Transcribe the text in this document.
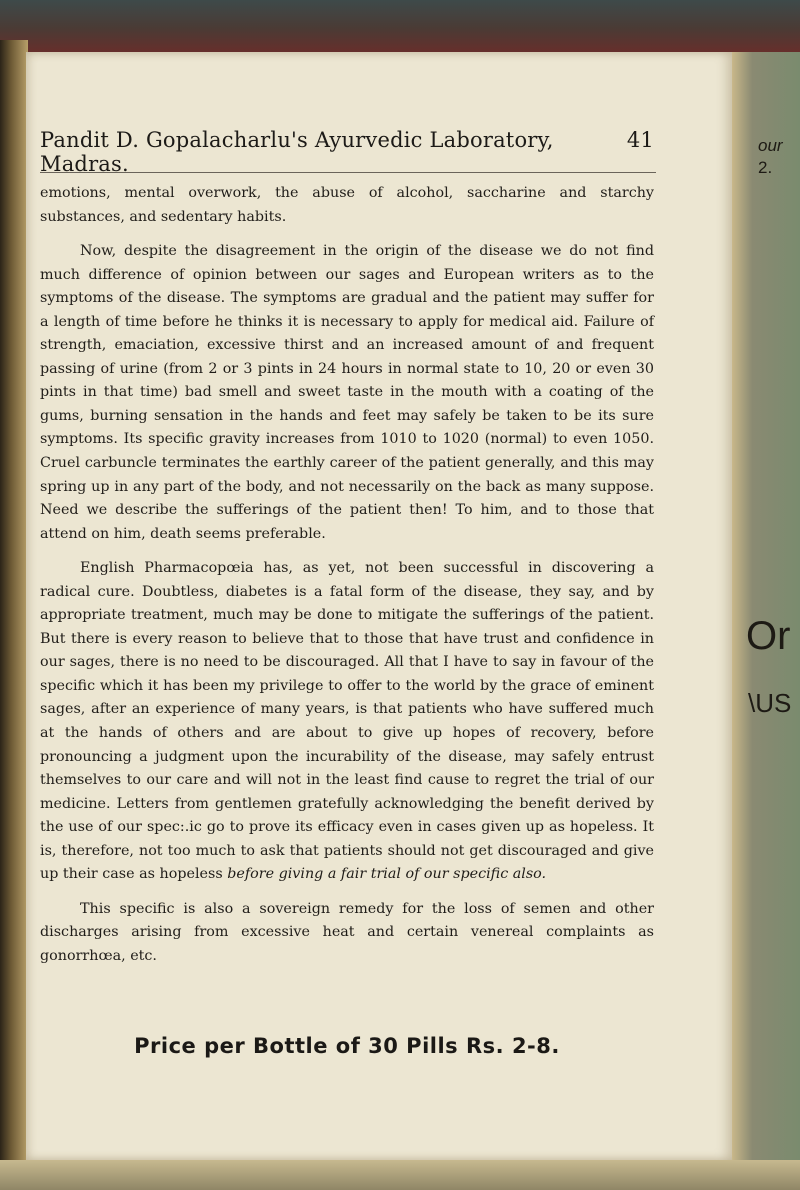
our
2.
Or
\US
Pandit D. Gopalacharlu's Ayurvedic Laboratory, Madras.
41

emotions, mental overwork, the abuse of alcohol, saccharine and starchy substances, and sedentary habits.

Now, despite the disagreement in the origin of the disease we do not find much difference of opinion between our sages and European writers as to the symptoms of the disease. The symptoms are gradual and the patient may suffer for a length of time before he thinks it is necessary to apply for medical aid. Failure of strength, emaciation, excessive thirst and an increased amount of and frequent passing of urine (from 2 or 3 pints in 24 hours in normal state to 10, 20 or even 30 pints in that time) bad smell and sweet taste in the mouth with a coating of the gums, burning sensation in the hands and feet may safely be taken to be its sure symptoms. Its specific gravity increases from 1010 to 1020 (normal) to even 1050. Cruel carbuncle terminates the earthly career of the patient generally, and this may spring up in any part of the body, and not necessarily on the back as many suppose. Need we describe the sufferings of the patient then! To him, and to those that attend on him, death seems preferable.

English Pharmacopœia has, as yet, not been successful in discovering a radical cure. Doubtless, diabetes is a fatal form of the disease, they say, and by appropriate treatment, much may be done to mitigate the sufferings of the patient. But there is every reason to believe that to those that have trust and confidence in our sages, there is no need to be discouraged. All that I have to say in favour of the specific which it has been my privilege to offer to the world by the grace of eminent sages, after an experience of many years, is that patients who have suffered much at the hands of others and are about to give up hopes of recovery, before pronouncing a judgment upon the incurability of the disease, may safely entrust themselves to our care and will not in the least find cause to regret the trial of our medicine. Letters from gentlemen gratefully acknowledging the benefit derived by the use of our spec:.ic go to prove its efficacy even in cases given up as hopeless. It is, therefore, not too much to ask that patients should not get discouraged and give up their case as hopeless before giving a fair trial of our specific also.

This specific is also a sovereign remedy for the loss of semen and other discharges arising from excessive heat and certain venereal complaints as gonorrhœa, etc.

Price per Bottle of 30 Pills Rs. 2-8.
